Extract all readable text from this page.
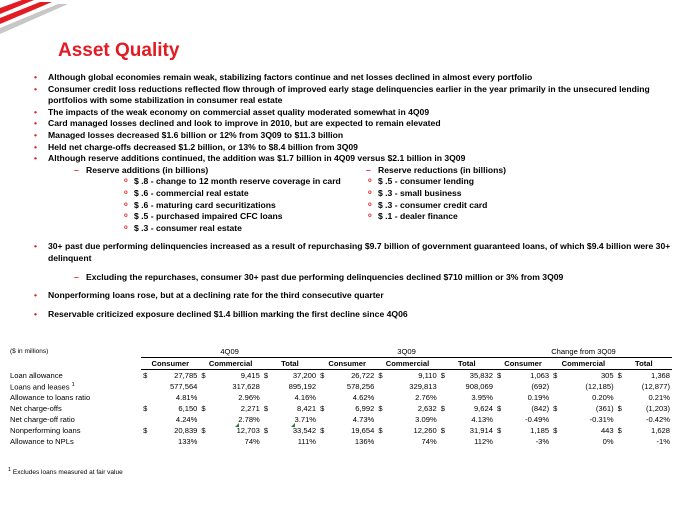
Asset Quality
• Although global economies remain weak, stabilizing factors continue and net losses declined in almost every portfolio
• Consumer credit loss reductions reflected flow through of improved early stage delinquencies earlier in the year primarily in the unsecured lending portfolios with some stabilization in consumer real estate
• The impacts of the weak economy on commercial asset quality moderated somewhat in 4Q09
• Card managed losses declined and look to improve in 2010, but are expected to remain elevated
• Managed losses decreased $1.6 billion or 12% from 3Q09 to $11.3 billion
• Held net charge-offs decreased $1.2 billion, or 13% to $8.4 billion from 3Q09
• Although reserve additions continued, the addition was $1.7 billion in 4Q09 versus $2.1 billion in 3Q09
– Reserve additions (in billions)
o $ .8 - change to 12 month reserve coverage in card
o $ .6 - commercial real estate
o $ .6 - maturing card securitizations
o $ .5 - purchased impaired CFC loans
o $ .3 - consumer real estate
– Reserve reductions (in billions)
o $ .5 - consumer lending
o $ .3 - small business
o $ .3 - consumer credit card
o $ .1 - dealer finance
• 30+ past due performing delinquencies increased as a result of repurchasing $9.7 billion of government guaranteed loans, of which $9.4 billion were 30+ delinquent
– Excluding the repurchases, consumer 30+ past due performing delinquencies declined $710 million or 3% from 3Q09
• Nonperforming loans rose, but at a declining rate for the third consecutive quarter
• Reservable criticized exposure declined $1.4 billion marking the first decline since 4Q06
($ in millions)	4Q09						3Q09						Change from 3Q09					
	Consumer		Commercial		Total		Consumer		Commercial		Total		Consumer		Commercial		Total	
Loan allowance	$	27,785	$	9,415	$	37,200	$	26,722	$	9,110	$	35,832	$	1,063	$	305	$	1,368
Loans and leases $^1$		577,564		317,628		895,192		578,256		329,813		908,069		(692)		(12,185)		(12,877)
Allowance to loans ratio		4.81%		2.96%		4.16%		4.62%		2.76%		3.95%		0.19%		0.20%		0.21%
Net charge-offs	$	6,150	$	2,271	$	8,421	$	6,992	$	2,632	$	9,624	$	(842)	$	(361)	$	(1,203)
Net charge-off ratio		4.24%		2.78%		3.71%		4.73%		3.09%		4.13%		-0.49%		-0.31%		-0.42%
Nonperforming loans	$	20,839	$	12,703	$	33,542	$	19,654	$	12,260	$	31,914	$	1,185	$	443	$	1,628
Allowance to NPLs		133%		74%		111%		136%		74%		112%		-3%		0%		-1%
$^1$ Excludes loans measured at fair value
